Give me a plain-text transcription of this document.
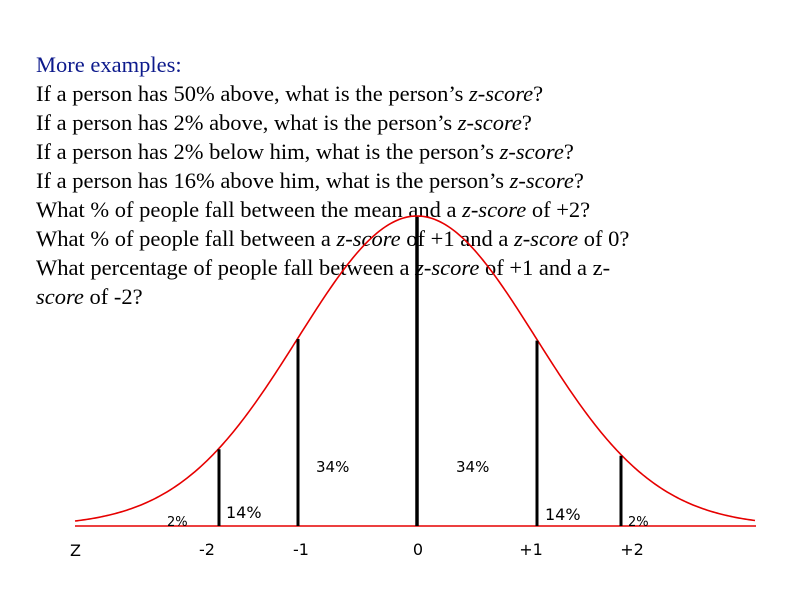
More examples:
If a person has 50% above, what is the person’s z-score?
If a person has 2% above, what is the person’s z-score?
If a person has 2% below him, what is the person’s z-score?
If a person has 16% above him, what is the person’s z-score?
What % of people fall between the mean and a z-score of +2?
What % of people fall between a z-score of +1 and a z-score of 0?
What percentage of people fall between a z-score of +1 and a z-
score of -2?
2%
14%
34%	34%
14%	2%
Z	-2	-1	0	+1	+2
